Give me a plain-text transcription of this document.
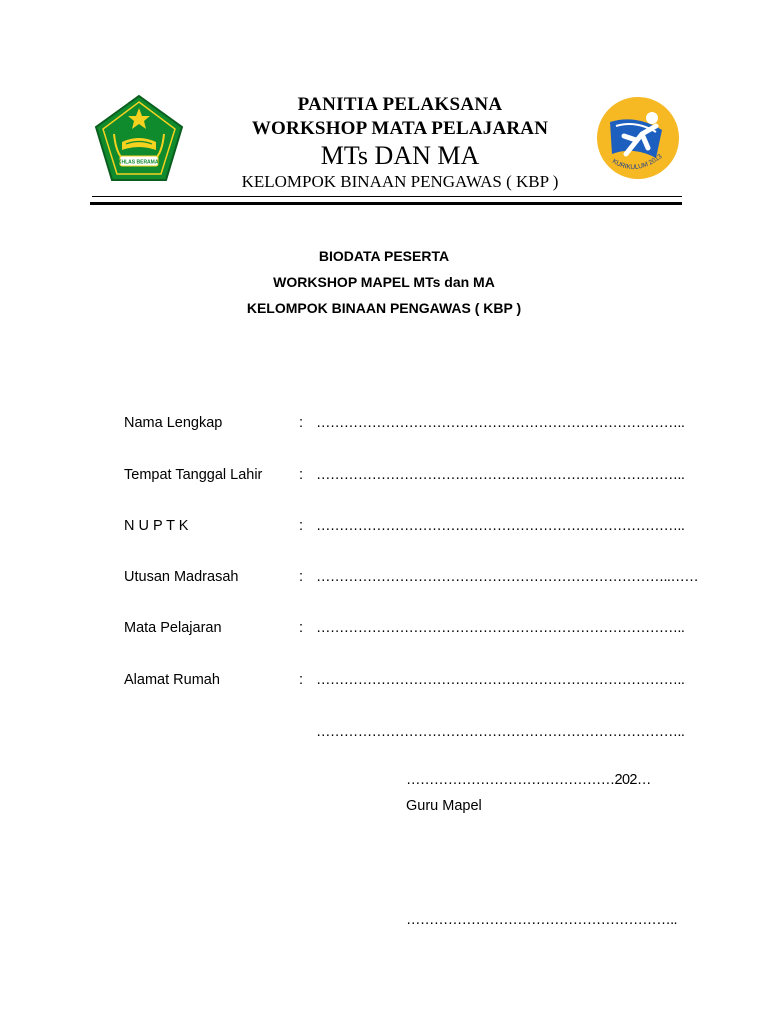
IKHLAS BERAMAL
PANITIA PELAKSANA
WORKSHOP MATA PELAJARAN
MTs DAN MA
KELOMPOK BINAAN PENGAWAS ( KBP )
KURIKULUM 2013
BIODATA PESERTA
WORKSHOP MAPEL MTs dan MA
KELOMPOK BINAAN PENGAWAS ( KBP )
Nama Lengkap	: ……………………………………………………………………..
Tempat Tanggal Lahir	: ……………………………………………………………………..
N U P T K	: ……………………………………………………………………..
Utusan Madrasah	: …………………………………………………………………..……
Mata Pelajaran	: ……………………………………………………………………..
Alamat Rumah	: ……………………………………………………………………..
……………………………………………………………………..
………………………………………202…
Guru Mapel
…………………………………………………..
